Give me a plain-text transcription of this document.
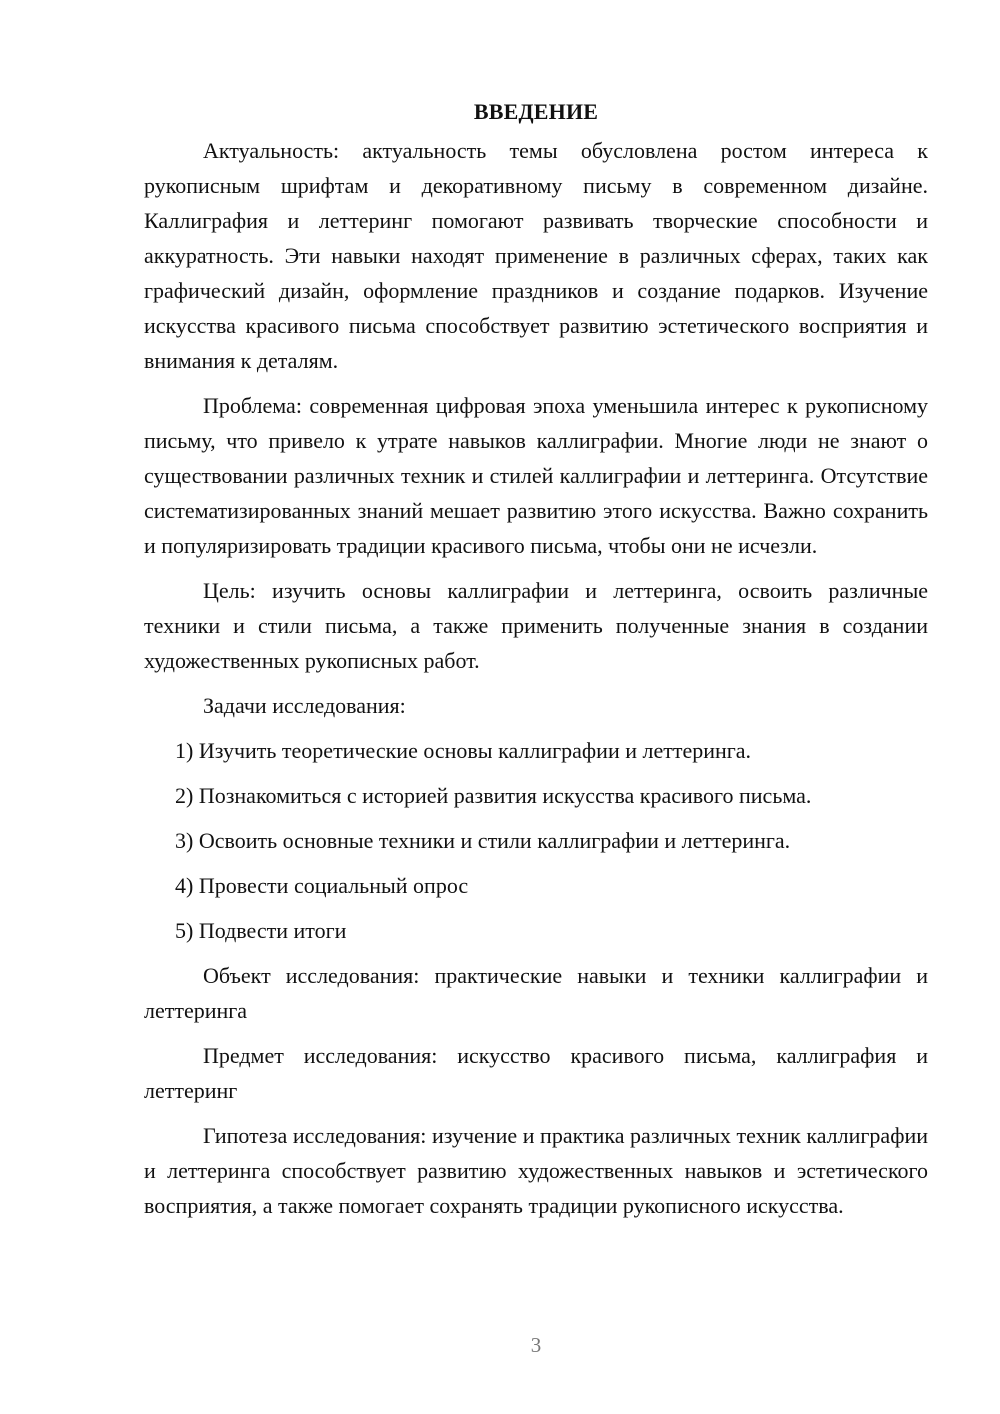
ВВЕДЕНИЕ

Актуальность: актуальность темы обусловлена ростом интереса к рукописным шрифтам и декоративному письму в современном дизайне. Каллиграфия и леттеринг помогают развивать творческие способности и аккуратность. Эти навыки находят применение в различных сферах, таких как графический дизайн, оформление праздников и создание подарков. Изучение искусства красивого письма способствует развитию эстетического восприятия и внимания к деталям.

Проблема: современная цифровая эпоха уменьшила интерес к рукописному письму, что привело к утрате навыков каллиграфии. Многие люди не знают о существовании различных техник и стилей каллиграфии и леттеринга. Отсутствие систематизированных знаний мешает развитию этого искусства. Важно сохранить и популяризировать традиции красивого письма, чтобы они не исчезли.

Цель: изучить основы каллиграфии и леттеринга, освоить различные техники и стили письма, а также применить полученные знания в создании художественных рукописных работ.

Задачи исследования:

1) Изучить теоретические основы каллиграфии и леттеринга.

2) Познакомиться с историей развития искусства красивого письма.

3) Освоить основные техники и стили каллиграфии и леттеринга.

4) Провести социальный опрос

5) Подвести итоги

Объект исследования: практические навыки и техники каллиграфии и леттеринга

Предмет исследования: искусство красивого письма, каллиграфия и леттеринг

Гипотеза исследования: изучение и практика различных техник каллиграфии и леттеринга способствует развитию художественных навыков и эстетического восприятия, а также помогает сохранять традиции рукописного искусства.

3
